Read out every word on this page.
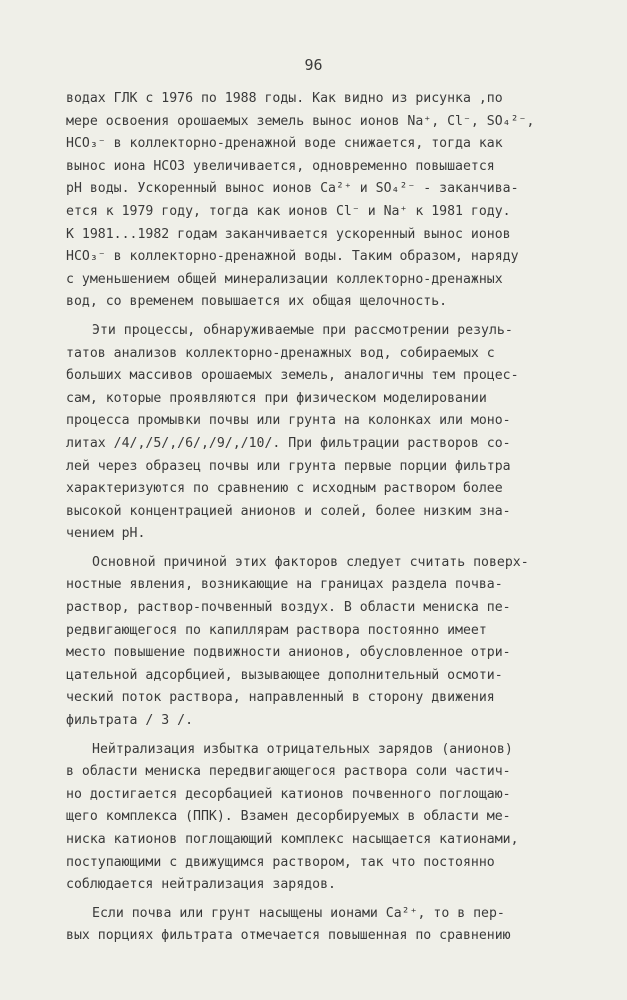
96
водах ГЛК с 1976 по 1988 годы. Как видно из рисунка ,по
мере освоения орошаемых земель вынос ионов Na⁺, Cl⁻, SO₄²⁻,
HCO₃⁻ в коллекторно-дренажной воде снижается, тогда как
вынос иона НСОЗ увеличивается, одновременно повышается
рН воды. Ускоренный вынос ионов Са²⁺ и SO₄²⁻ - заканчива-
ется к 1979 году, тогда как ионов Cl⁻ и Na⁺ к 1981 году.
К 1981...1982 годам заканчивается ускоренный вынос ионов
НСО₃⁻ в коллекторно-дренажной воды. Таким образом, наряду
с уменьшением общей минерализации коллекторно-дренажных
вод, со временем повышается их общая щелочность.
Эти процессы, обнаруживаемые при рассмотрении резуль-
татов анализов коллекторно-дренажных вод, собираемых с
больших массивов орошаемых земель, аналогичны тем процес-
сам, которые проявляются при физическом моделировании
процесса промывки почвы или грунта на колонках или моно-
литах /4/,/5/,/6/,/9/,/10/. При фильтрации растворов со-
лей через образец почвы или грунта первые порции фильтра
характеризуются по сравнению с исходным раствором более
высокой концентрацией анионов и солей, более низким зна-
чением рН.
Основной причиной этих факторов следует считать поверх-
ностные явления, возникающие на границах раздела почва-
раствор, раствор-почвенный воздух. В области мениска пе-
редвигающегося по капиллярам раствора постоянно имеет
место повышение подвижности анионов, обусловленное отри-
цательной адсорбцией, вызывающее дополнительный осмоти-
ческий поток раствора, направленный в сторону движения
фильтрата / 3 /.
Нейтрализация избытка отрицательных зарядов (анионов)
в области мениска передвигающегося раствора соли частич-
но достигается десорбацией катионов почвенного поглощаю-
щего комплекса (ППК). Взамен десорбируемых в области ме-
ниска катионов поглощающий комплекс насыщается катионами,
поступающими с движущимся раствором, так что постоянно
соблюдается нейтрализация зарядов.
Если почва или грунт насыщены ионами Са²⁺, то в пер-
вых порциях фильтрата отмечается повышенная по сравнению
